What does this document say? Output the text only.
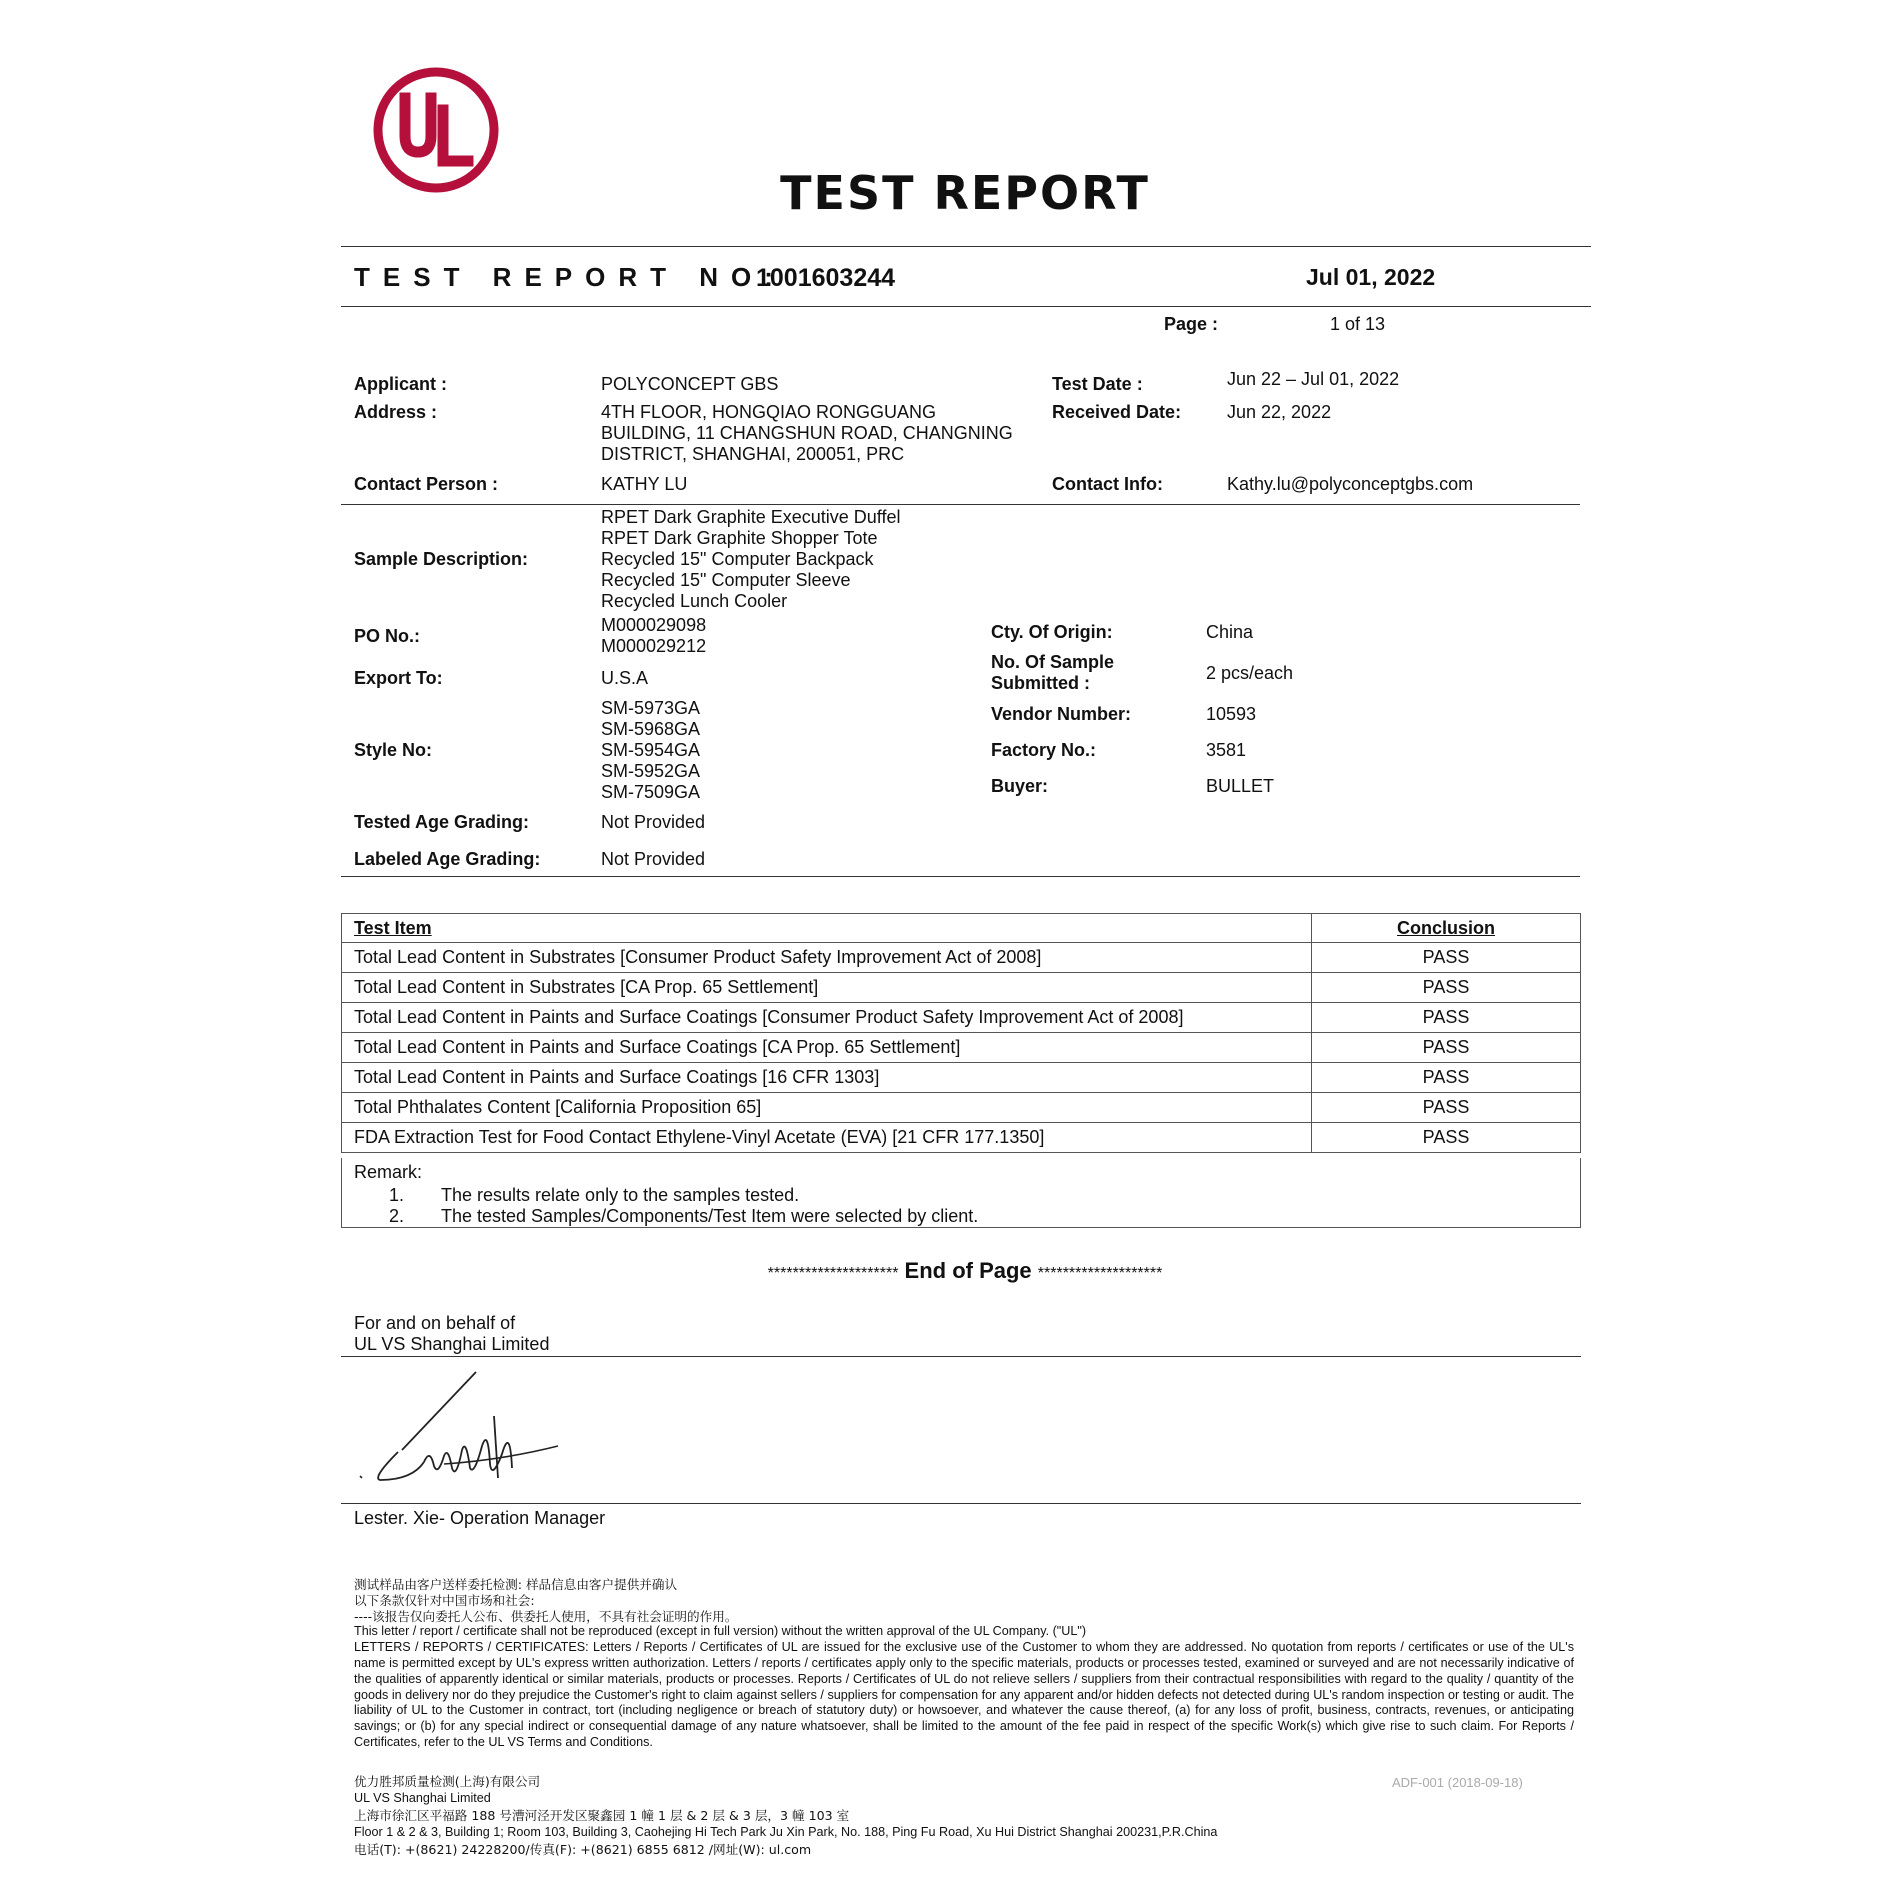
TEST REPORT
TEST REPORT NO:
1001603244	Jul 01, 2022
Page :	1 of 13
Applicant :	POLYCONCEPT GBS
Address :	4TH FLOOR, HONGQIAO RONGGUANG
BUILDING, 11 CHANGSHUN ROAD, CHANGNING
DISTRICT, SHANGHAI, 200051, PRC
Contact Person :	KATHY LU
Test Date :	Jun 22 – Jul 01, 2022
Received Date:	Jun 22, 2022
Contact Info:	Kathy.lu@polyconceptgbs.com
Sample Description:
RPET Dark Graphite Executive Duffel
RPET Dark Graphite Shopper Tote
Recycled 15" Computer Backpack
Recycled 15" Computer Sleeve
Recycled Lunch Cooler
PO No.:
M000029098
M000029212
Export To:	U.S.A
Style No:
SM-5973GA
SM-5968GA
SM-5954GA
SM-5952GA
SM-7509GA
Tested Age Grading:	Not Provided
Labeled Age Grading:	Not Provided
Cty. Of Origin:	China
No. Of Sample
Submitted :	2 pcs/each
Vendor Number:	10593
Factory No.:	3581
Buyer:	BULLET
Test Item	Conclusion
Total Lead Content in Substrates [Consumer Product Safety Improvement Act of 2008]	PASS
Total Lead Content in Substrates [CA Prop. 65 Settlement]	PASS
Total Lead Content in Paints and Surface Coatings [Consumer Product Safety Improvement Act of 2008]	PASS
Total Lead Content in Paints and Surface Coatings [CA Prop. 65 Settlement]	PASS
Total Lead Content in Paints and Surface Coatings [16 CFR 1303]	PASS
Total Phthalates Content [California Proposition 65]	PASS
FDA Extraction Test for Food Contact Ethylene-Vinyl Acetate (EVA) [21 CFR 177.1350]	PASS
Remark:
1. The results relate only to the samples tested.
2. The tested Samples/Components/Test Item were selected by client.
********************* End of Page ********************
For and on behalf of
UL VS Shanghai Limited
Lester. Xie- Operation Manager

测试样品由客户送样委托检测: 样品信息由客户提供并确认

以下条款仅针对中国市场和社会:

----该报告仅向委托人公布、供委托人使用，不具有社会证明的作用。

This letter / report / certificate shall not be reproduced (except in full version) without the written approval of the UL Company. ("UL")

LETTERS / REPORTS / CERTIFICATES: Letters / Reports / Certificates of UL are issued for the exclusive use of the Customer to whom they are addressed. No quotation from reports / certificates or use of the UL's name is permitted except by UL's express written authorization. Letters / reports / certificates apply only to the specific materials, products or processes tested, examined or surveyed and are not necessarily indicative of the qualities of apparently identical or similar materials, products or processes. Reports / Certificates of UL do not relieve sellers / suppliers from their contractual responsibilities with regard to the quality / quantity of the goods in delivery nor do they prejudice the Customer's right to claim against sellers / suppliers for compensation for any apparent and/or hidden defects not detected during UL's random inspection or testing or audit. The liability of UL to the Customer in contract, tort (including negligence or breach of statutory duty) or howsoever, and whatever the cause thereof, (a) for any loss of profit, business, contracts, revenues, or anticipating savings; or (b) for any special indirect or consequential damage of any nature whatsoever, shall be limited to the amount of the fee paid in respect of the specific Work(s) which give rise to such claim. For Reports / Certificates, refer to the UL VS Terms and Conditions.

优力胜邦质量检测(上海)有限公司
UL VS Shanghai Limited
上海市徐汇区平福路 188 号漕河泾开发区聚鑫园 1 幢 1 层 & 2 层 & 3 层，3 幢 103 室
Floor 1 & 2 & 3, Building 1; Room 103, Building 3, Caohejing Hi Tech Park Ju Xin Park, No. 188, Ping Fu Road, Xu Hui District Shanghai 200231,P.R.China
电话(T): +(8621) 24228200/传真(F): +(8621) 6855 6812 /网址(W): ul.com
ADF-001 (2018-09-18)
